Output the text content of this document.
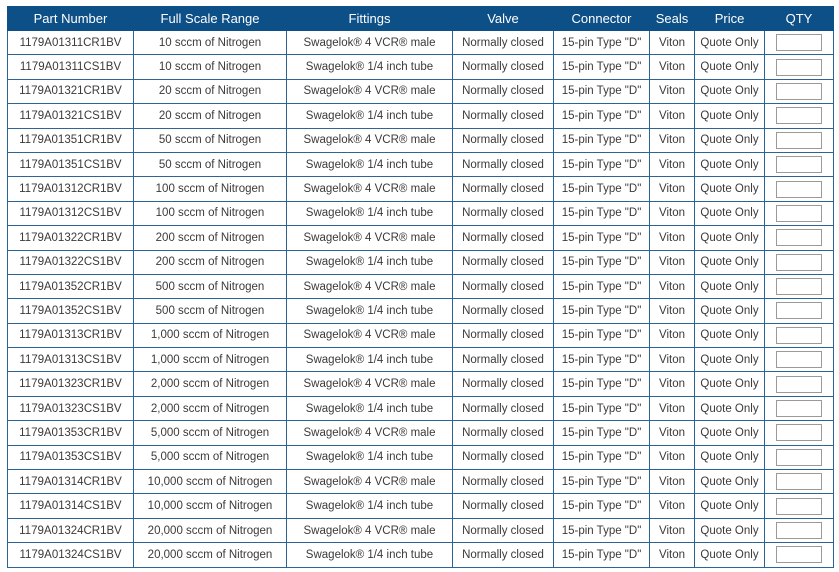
Part Number	Full Scale Range	Fittings	Valve	Connector	Seals	Price	QTY
1179A01311CR1BV	10 sccm of Nitrogen	Swagelok® 4 VCR® male	Normally closed	15-pin Type "D"	Viton	Quote Only	

1179A01311CS1BV	10 sccm of Nitrogen	Swagelok® 1/4 inch tube	Normally closed	15-pin Type "D"	Viton	Quote Only	

1179A01321CR1BV	20 sccm of Nitrogen	Swagelok® 4 VCR® male	Normally closed	15-pin Type "D"	Viton	Quote Only	

1179A01321CS1BV	20 sccm of Nitrogen	Swagelok® 1/4 inch tube	Normally closed	15-pin Type "D"	Viton	Quote Only	

1179A01351CR1BV	50 sccm of Nitrogen	Swagelok® 4 VCR® male	Normally closed	15-pin Type "D"	Viton	Quote Only	

1179A01351CS1BV	50 sccm of Nitrogen	Swagelok® 1/4 inch tube	Normally closed	15-pin Type "D"	Viton	Quote Only	

1179A01312CR1BV	100 sccm of Nitrogen	Swagelok® 4 VCR® male	Normally closed	15-pin Type "D"	Viton	Quote Only	

1179A01312CS1BV	100 sccm of Nitrogen	Swagelok® 1/4 inch tube	Normally closed	15-pin Type "D"	Viton	Quote Only	

1179A01322CR1BV	200 sccm of Nitrogen	Swagelok® 4 VCR® male	Normally closed	15-pin Type "D"	Viton	Quote Only	

1179A01322CS1BV	200 sccm of Nitrogen	Swagelok® 1/4 inch tube	Normally closed	15-pin Type "D"	Viton	Quote Only	

1179A01352CR1BV	500 sccm of Nitrogen	Swagelok® 4 VCR® male	Normally closed	15-pin Type "D"	Viton	Quote Only	

1179A01352CS1BV	500 sccm of Nitrogen	Swagelok® 1/4 inch tube	Normally closed	15-pin Type "D"	Viton	Quote Only	

1179A01313CR1BV	1,000 sccm of Nitrogen	Swagelok® 4 VCR® male	Normally closed	15-pin Type "D"	Viton	Quote Only	

1179A01313CS1BV	1,000 sccm of Nitrogen	Swagelok® 1/4 inch tube	Normally closed	15-pin Type "D"	Viton	Quote Only	

1179A01323CR1BV	2,000 sccm of Nitrogen	Swagelok® 4 VCR® male	Normally closed	15-pin Type "D"	Viton	Quote Only	

1179A01323CS1BV	2,000 sccm of Nitrogen	Swagelok® 1/4 inch tube	Normally closed	15-pin Type "D"	Viton	Quote Only	

1179A01353CR1BV	5,000 sccm of Nitrogen	Swagelok® 4 VCR® male	Normally closed	15-pin Type "D"	Viton	Quote Only	

1179A01353CS1BV	5,000 sccm of Nitrogen	Swagelok® 1/4 inch tube	Normally closed	15-pin Type "D"	Viton	Quote Only	

1179A01314CR1BV	10,000 sccm of Nitrogen	Swagelok® 4 VCR® male	Normally closed	15-pin Type "D"	Viton	Quote Only	

1179A01314CS1BV	10,000 sccm of Nitrogen	Swagelok® 1/4 inch tube	Normally closed	15-pin Type "D"	Viton	Quote Only	

1179A01324CR1BV	20,000 sccm of Nitrogen	Swagelok® 4 VCR® male	Normally closed	15-pin Type "D"	Viton	Quote Only	

1179A01324CS1BV	20,000 sccm of Nitrogen	Swagelok® 1/4 inch tube	Normally closed	15-pin Type "D"	Viton	Quote Only	
